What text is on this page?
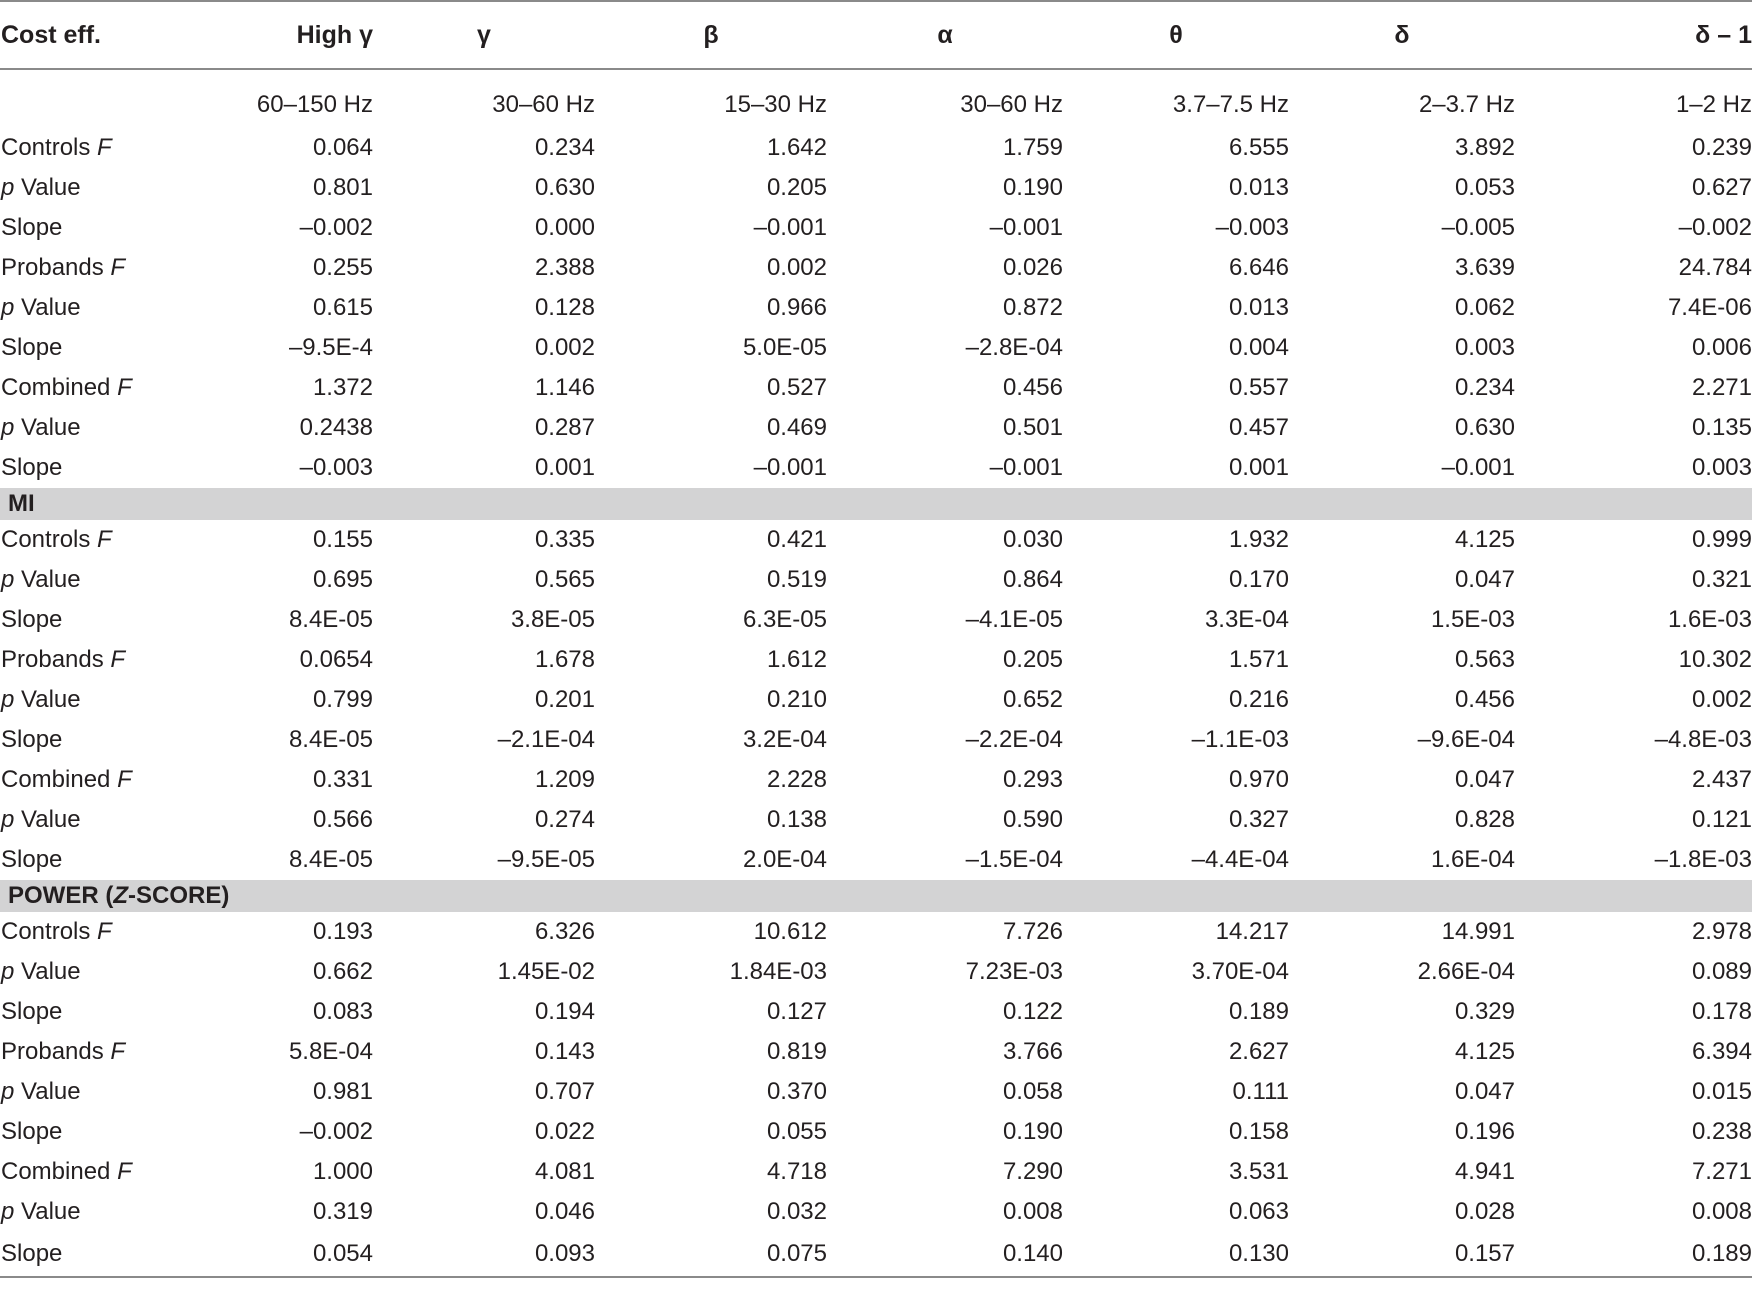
Cost eff.	High γ	γ	β	α	θ	δ	δ – 1
	60–150 Hz	30–60 Hz	15–30 Hz	30–60 Hz	3.7–7.5 Hz	2–3.7 Hz	1–2 Hz
Controls F	0.064	0.234	1.642	1.759	6.555	3.892	0.239
p Value	0.801	0.630	0.205	0.190	0.013	0.053	0.627
Slope	–0.002	0.000	–0.001	–0.001	–0.003	–0.005	–0.002
Probands F	0.255	2.388	0.002	0.026	6.646	3.639	24.784
p Value	0.615	0.128	0.966	0.872	0.013	0.062	7.4E-06
Slope	–9.5E-4	0.002	5.0E-05	–2.8E-04	0.004	0.003	0.006
Combined F	1.372	1.146	0.527	0.456	0.557	0.234	2.271
p Value	0.2438	0.287	0.469	0.501	0.457	0.630	0.135
Slope	–0.003	0.001	–0.001	–0.001	0.001	–0.001	0.003
MI							
Controls F	0.155	0.335	0.421	0.030	1.932	4.125	0.999
p Value	0.695	0.565	0.519	0.864	0.170	0.047	0.321
Slope	8.4E-05	3.8E-05	6.3E-05	–4.1E-05	3.3E-04	1.5E-03	1.6E-03
Probands F	0.0654	1.678	1.612	0.205	1.571	0.563	10.302
p Value	0.799	0.201	0.210	0.652	0.216	0.456	0.002
Slope	8.4E-05	–2.1E-04	3.2E-04	–2.2E-04	–1.1E-03	–9.6E-04	–4.8E-03
Combined F	0.331	1.209	2.228	0.293	0.970	0.047	2.437
p Value	0.566	0.274	0.138	0.590	0.327	0.828	0.121
Slope	8.4E-05	–9.5E-05	2.0E-04	–1.5E-04	–4.4E-04	1.6E-04	–1.8E-03
POWER (Z-SCORE)							
Controls F	0.193	6.326	10.612	7.726	14.217	14.991	2.978
p Value	0.662	1.45E-02	1.84E-03	7.23E-03	3.70E-04	2.66E-04	0.089
Slope	0.083	0.194	0.127	0.122	0.189	0.329	0.178
Probands F	5.8E-04	0.143	0.819	3.766	2.627	4.125	6.394
p Value	0.981	0.707	0.370	0.058	0.111	0.047	0.015
Slope	–0.002	0.022	0.055	0.190	0.158	0.196	0.238
Combined F	1.000	4.081	4.718	7.290	3.531	4.941	7.271
p Value	0.319	0.046	0.032	0.008	0.063	0.028	0.008
Slope	0.054	0.093	0.075	0.140	0.130	0.157	0.189
